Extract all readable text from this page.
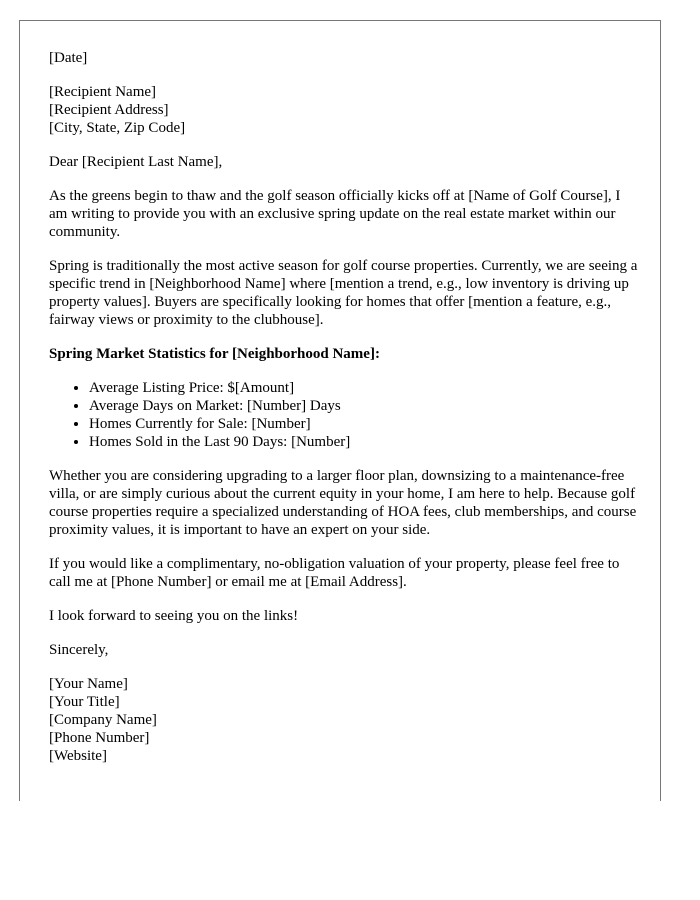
[Date]

[Recipient Name]
[Recipient Address]
[City, State, Zip Code]

Dear [Recipient Last Name],

As the greens begin to thaw and the golf season officially kicks off at [Name of Golf Course], I am writing to provide you with an exclusive spring update on the real estate market within our community.

Spring is traditionally the most active season for golf course properties. Currently, we are seeing a specific trend in [Neighborhood Name] where [mention a trend, e.g., low inventory is driving up property values]. Buyers are specifically looking for homes that offer [mention a feature, e.g., fairway views or proximity to the clubhouse].

Spring Market Statistics for [Neighborhood Name]:

• Average Listing Price: $[Amount]
• Average Days on Market: [Number] Days
• Homes Currently for Sale: [Number]
• Homes Sold in the Last 90 Days: [Number]

Whether you are considering upgrading to a larger floor plan, downsizing to a maintenance-free villa, or are simply curious about the current equity in your home, I am here to help. Because golf course properties require a specialized understanding of HOA fees, club memberships, and course proximity values, it is important to have an expert on your side.

If you would like a complimentary, no-obligation valuation of your property, please feel free to call me at [Phone Number] or email me at [Email Address].

I look forward to seeing you on the links!

Sincerely,

[Your Name]
[Your Title]
[Company Name]
[Phone Number]
[Website]
